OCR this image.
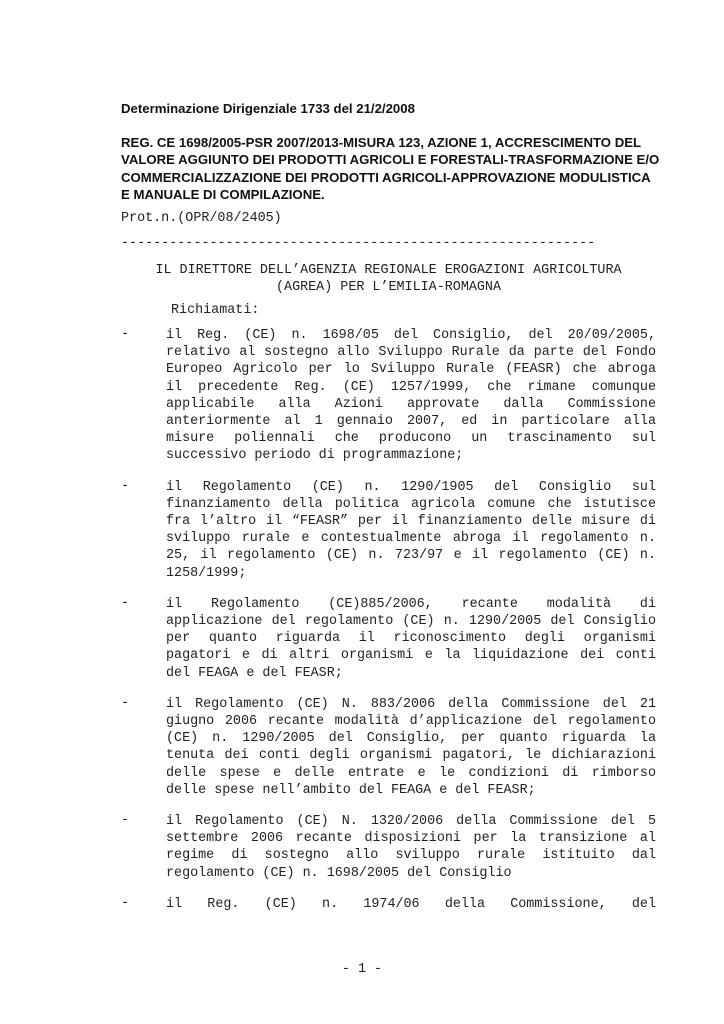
Determinazione Dirigenziale 1733 del 21/2/2008
REG. CE 1698/2005-PSR 2007/2013-MISURA 123, AZIONE 1, ACCRESCIMENTO DEL VALORE AGGIUNTO DEI PRODOTTI AGRICOLI E FORESTALI-TRASFORMAZIONE E/O COMMERCIALIZZAZIONE DEI PRODOTTI AGRICOLI-APPROVAZIONE MODULISTICA E MANUALE DI COMPILAZIONE.
Prot.n.(OPR/08/2405)
-----------------------------------------------------------
IL DIRETTORE DELL’AGENZIA REGIONALE EROGAZIONI AGRICOLTURA
(AGREA) PER L’EMILIA-ROMAGNA
Richiamati:
-	il Reg. (CE) n. 1698/05 del Consiglio, del 20/09/2005, relativo al sostegno allo Sviluppo Rurale da parte del Fondo Europeo Agricolo per lo Sviluppo Rurale (FEASR) che abroga il precedente Reg. (CE) 1257/1999, che rimane comunque applicabile alla Azioni approvate dalla Commissione anteriormente al 1 gennaio 2007, ed in particolare alla misure poliennali che producono un trascinamento sul successivo periodo di programmazione;
-	il Regolamento (CE) n. 1290/1905 del Consiglio sul finanziamento della politica agricola comune che istutisce fra l’altro il “FEASR” per il finanziamento delle misure di sviluppo rurale e contestualmente abroga il regolamento n. 25, il regolamento (CE) n. 723/97 e il regolamento (CE) n. 1258/1999;
-	il Regolamento (CE)885/2006, recante modalità di applicazione del regolamento (CE) n. 1290/2005 del Consiglio per quanto riguarda il riconoscimento degli organismi pagatori e di altri organismi e la liquidazione dei conti del FEAGA e del FEASR;
-	il Regolamento (CE) N. 883/2006 della Commissione del 21 giugno 2006 recante modalità d’applicazione del regolamento (CE) n. 1290/2005 del Consiglio, per quanto riguarda la tenuta dei conti degli organismi pagatori, le dichiarazioni delle spese e delle entrate e le condizioni di rimborso delle spese nell’ambito del FEAGA e del FEASR;
-	il Regolamento (CE) N. 1320/2006 della Commissione del 5 settembre 2006 recante disposizioni per la transizione al regime di sostegno allo sviluppo rurale istituito dal regolamento (CE) n. 1698/2005 del Consiglio
-	il Reg. (CE) n. 1974/06 della Commissione, del
- 1 -
